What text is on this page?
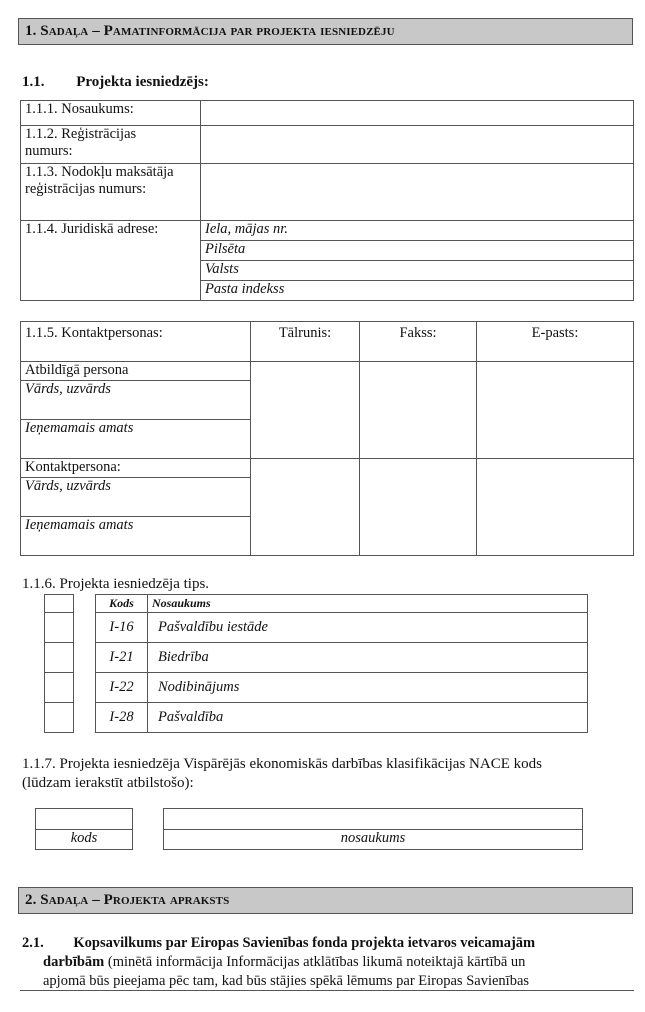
1. Sadaļa – Pamatinformācija par projekta iesniedzēju
1.1. Projekta iesniedzējs:
1.1.1. Nosaukums:	
1.1.2. Reģistrācijas numurs:	
1.1.3. Nodokļu maksātāja reģistrācijas numurs:	
1.1.4. Juridiskā adrese:	Iela, mājas nr.
	Pilsēta
	Valsts
	Pasta indekss
1.1.5. Kontaktpersonas:	Tālrunis:	Fakss:	E-pasts:
Atbildīgā persona			
Vārds, uzvārds			
Ieņemamais amats			
Kontaktpersona:			
Vārds, uzvārds			
Ieņemamais amats			
1.1.6. Projekta iesniedzēja tips.

Kods	Nosaukums
I-16	Pašvaldību iestāde
I-21	Biedrība
I-22	Nodibinājums
I-28	Pašvaldība
1.1.7. Projekta iesniedzēja Vispārējās ekonomiskās darbības klasifikācijas NACE kods
(lūdzam ierakstīt atbilstošo):

kods	nosaukums
2. Sadaļa – Projekta apraksts
2.1. Kopsavilkums par Eiropas Savienības fonda projekta ietvaros veicamajām
darbībām (minētā informācija Informācijas atklātības likumā noteiktajā kārtībā un
apjomā būs pieejama pēc tam, kad būs stājies spēkā lēmums par Eiropas Savienības
